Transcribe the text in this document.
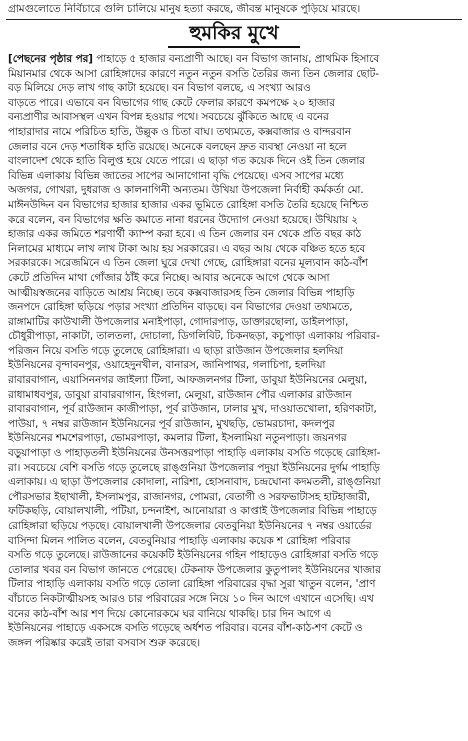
গ্রামগুলোতে নির্বিচারে গুলি চালিয়ে মানুষ হত্যা করছে, জীবন্ত মানুষকে পুড়িয়ে মারছে।
হুমকির মুখে
[পেছনের পৃষ্ঠার পর] পাহাড়ে ৫ হাজার বন্যপ্রাণী আছে। বন বিভাগ জানায়, প্রাথমিক হিসাবে
মিয়ানমার থেকে আসা রোহিঙ্গাদের কারণে নতুন নতুন বসতি তৈরির জন্য তিন জেলার ছোট-
বড় মিলিয়ে দেড় লাখ গাছ কাটা হয়েছে। বন বিভাগ বলছে, এ সংখ্যা আরও
বাড়তে পারে। এভাবে বন বিভাগের গাছ কেটে ফেলার কারণে কমপক্ষে ২০ হাজার
বন্যপ্রাণীর আবাসস্থল এখন বিপন্ন হওয়ার পথে। সবচেয়ে ঝুঁকিতে আছে এ বনের
পাহারাদার নামে পরিচিত হাতি, উল্লুক ও চিতা বাঘ। তথ্যমতে, কক্সবাজার ও বান্দরবান
জেলার বনে দেড় শতাধিক হাতি রয়েছে। অনেকে বলছেন দ্রুত ব্যবস্থা নেওয়া না হলে
বাংলাদেশ থেকে হাতি বিলুপ্ত হয়ে যেতে পারে। এ ছাড়া গত কয়েক দিনে ওই তিন জেলার
বিভিন্ন এলাকায় বিভিন্ন জাতের সাপের আনাগোনা বৃদ্ধি পেয়েছে। এসব সাপের মধ্যে
অজগর, গোখরা, দুধরাজ ও কালনাগিনী অন্যতম। উখিয়া উপজেলা নির্বাহী কর্মকর্তা মো.
মাঈনউদ্দিন বন বিভাগের হাজার হাজার একর ভূমিতে রোহিঙ্গা বসতি তৈরি হয়েছে নিশ্চিত
করে বলেন, বন বিভাগের ক্ষতি কমাতে নানা ধরনের উদ্যোগ নেওয়া হয়েছে। উখিয়ায় ২
হাজার একর জমিতে শরণার্থী ক্যাম্প করা হবে। এ তিন জেলার বন থেকে প্রতি বছর কাঠ
নিলামের মাধ্যমে লাখ লাখ টাকা আয় হয় সরকারের। এ বছর আয় থেকে বঞ্চিত হতে হবে
সরকারকে। সরেজমিনে এ তিন জেলা ঘুরে দেখা গেছে, রোহিঙ্গারা বনের মূল্যবান কাঠ-বাঁশ
কেটে প্রতিদিন মাথা গোঁজার ঠাঁই করে নিচ্ছে। আবার অনেকে আগে থেকে আসা
আত্মীয়স্বজনের বাড়িতে আশ্রয় নিচ্ছে। তবে কক্সবাজারসহ তিন জেলার বিভিন্ন পাহাড়ি
জনপদে রোহিঙ্গা ছড়িয়ে পড়ার সংখ্যা প্রতিদিন বাড়ছে। বন বিভাগের দেওয়া তথ্যমতে,
রাঙ্গামাটির কাউখালী উপজেলার মনাইপাড়া, গোদারপাড়, ডাক্তারছোলা, ডাইলপাড়া,
চৌধুরীপাড়া, নাকাটা, তালতলা, দোচালা, ডিগলিবিট, চিকনছড়া, কচুপাড়া এলাকায় পরিবার-
পরিজন নিয়ে বসতি গড়ে তুলেছে রোহিঙ্গারা। এ ছাড়া রাউজান উপজেলার হলদিয়া
ইউনিয়নের বৃন্দাবনপুর, ওয়াহেদুনখীল, বানারস, জানিপাথর, গলাচিপা, হলদিয়া
রাবারবাগান, এয়াসিননগর জাইল্যা টিলা, আফজলনগর টিলা, ডাবুয়া ইউনিয়নের মেলুয়া,
রাধামাধবপুর, ডাবুয়া রাবারবাগান, হিংগলা, মেলুয়া, রাউজান পৌর এলাকার রাউজান
রাবারবাগান, পূর্ব রাউজান কাজীপাড়া, পূর্ব রাউজান, ঢালার মুখ, দাওয়াতখোলা, হরিণকাটা,
পাউয়া, ৭ নম্বর রাউজান ইউনিয়নের পূর্ব রাউজান, মুখছড়ি, ভোমরচাদা, কদলপুর
ইউনিয়নের শমশেরপাড়া, ভোমরপাড়া, কমলার টিলা, ইসলামিয়া নতুনপাড়া। জয়নগর
বড়ুয়াপাড়া ও পাহাড়তলী ইউনিয়নের উনসত্তরপাড়া পাহাড়ি এলাকায় বসতি গড়েছে রোহিঙ্গা-
রা। সবচেয়ে বেশি বসতি গড়ে তুলেছে রাঙ্গুনিয়া উপজেলার পদুয়া ইউনিয়নের দুর্গম পাহাড়ি
এলাকায়। এ ছাড়া উপজেলার কোদালা, নারিশা, হোসনাবাদ, চন্দ্রঘোনা কদমতলী, রাঙ্গুনিয়া
পৌরসভার ইছাখালী, ইসলামপুর, রাজানগর, পোমরা, বেতাগী ও সরফভাটাসহ হাটহাজারী,
ফটিকছড়ি, বোয়ালখালী, পটিয়া, চন্দনাইশ, আনোয়ারা ও কাপ্তাই উপজেলার বিভিন্ন পাহাড়ে
রোহিঙ্গারা ছড়িয়ে পড়ছে। বোয়ালখালী উপজেলার বেতবুনিয়া ইউনিয়নের ৭ নম্বর ওয়ার্ডের
বাসিন্দা মিলন পালিত বলেন, বেতবুনিয়ার পাহাড়ি এলাকায় কয়েক শ রোহিঙ্গা পরিবার
বসতি গড়ে তুলেছে। রাউজানের কয়েকটি ইউনিয়নের গহিন পাহাড়েও রোহিঙ্গারা বসতি গড়ে
তোলার খবর বন বিভাগ জানতে পেরেছে। টেকনাফ উপজেলার কুতুপালং ইউনিয়নের খাজার
টিলার পাহাড়ি এলাকায় বসতি গড়ে তোলা রোহিঙ্গা পরিবারের বৃদ্ধা সুরা খাতুন বলেন, 'প্রাণ
বাঁচাতে নিকটাত্মীয়সহ আরও চার পরিবারের সঙ্গে নিয়ে ১০ দিন আগে এখানে এসেছি। এখ
বনের কাঠ-বাঁশ আর শণ দিয়ে কোনোরকমে ঘর বানিয়ে থাকছি। চার দিন আগে এ
ইউনিয়নের পাহাড়ে একসঙ্গে বসতি গড়েছে অর্ধশত পরিবার। বনের বাঁশ-কাঠ-শণ কেটে ও
জঙ্গল পরিষ্কার করেই তারা বসবাস শুরু করেছে।
